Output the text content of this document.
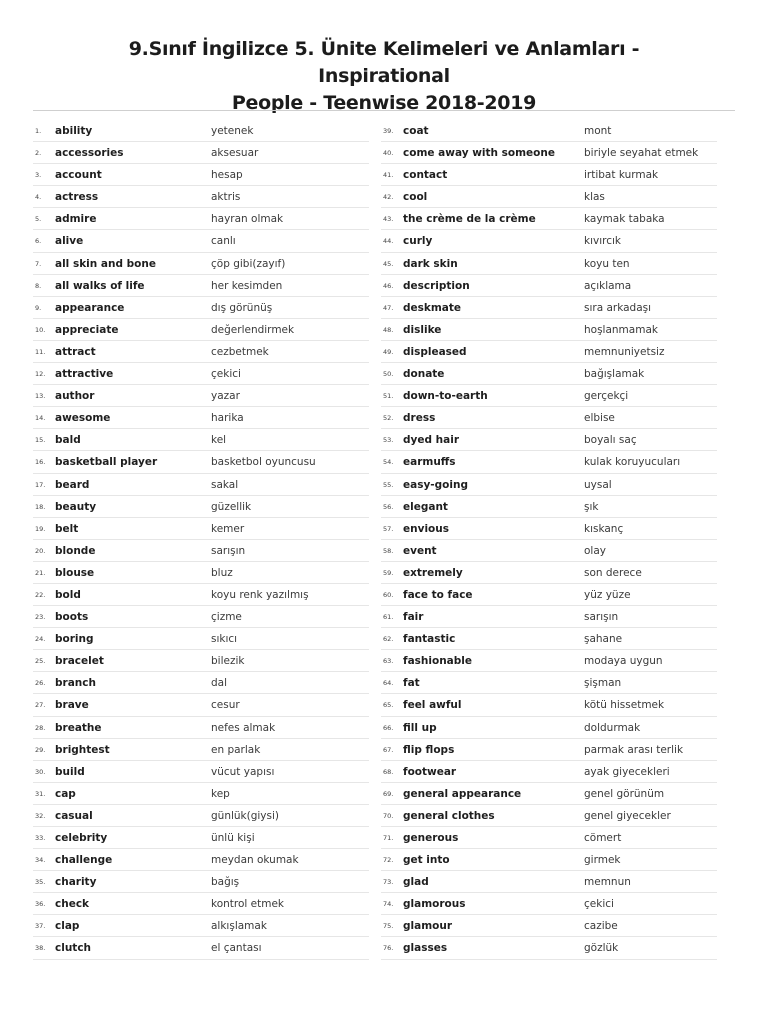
9.Sınıf İngilizce 5. Ünite Kelimeleri ve Anlamları - Inspirational
People - Teenwise 2018-2019
1. ability	yetenek
2. accessories	aksesuar
3. account	hesap
4. actress	aktris
5. admire	hayran olmak
6. alive	canlı
7. all skin and bone	çöp gibi(zayıf)
8. all walks of life	her kesimden
9. appearance	dış görünüş
10. appreciate	değerlendirmek
11. attract	cezbetmek
12. attractive	çekici
13. author	yazar
14. awesome	harika
15. bald	kel
16. basketball player	basketbol oyuncusu
17. beard	sakal
18. beauty	güzellik
19. belt	kemer
20. blonde	sarışın
21. blouse	bluz
22. bold	koyu renk yazılmış
23. boots	çizme
24. boring	sıkıcı
25. bracelet	bilezik
26. branch	dal
27. brave	cesur
28. breathe	nefes almak
29. brightest	en parlak
30. build	vücut yapısı
31. cap	kep
32. casual	günlük(giysi)
33. celebrity	ünlü kişi
34. challenge	meydan okumak
35. charity	bağış
36. check	kontrol etmek
37. clap	alkışlamak
38. clutch	el çantası
39. coat	mont
40. come away with someone	biriyle seyahat etmek
41. contact	irtibat kurmak
42. cool	klas
43. the crème de la crème	kaymak tabaka
44. curly	kıvırcık
45. dark skin	koyu ten
46. description	açıklama
47. deskmate	sıra arkadaşı
48. dislike	hoşlanmamak
49. displeased	memnuniyetsiz
50. donate	bağışlamak
51. down-to-earth	gerçekçi
52. dress	elbise
53. dyed hair	boyalı saç
54. earmuffs	kulak koruyucuları
55. easy-going	uysal
56. elegant	şık
57. envious	kıskanç
58. event	olay
59. extremely	son derece
60. face to face	yüz yüze
61. fair	sarışın
62. fantastic	şahane
63. fashionable	modaya uygun
64. fat	şişman
65. feel awful	kötü hissetmek
66. fill up	doldurmak
67. flip flops	parmak arası terlik
68. footwear	ayak giyecekleri
69. general appearance	genel görünüm
70. general clothes	genel giyecekler
71. generous	cömert
72. get into	girmek
73. glad	memnun
74. glamorous	çekici
75. glamour	cazibe
76. glasses	gözlük
